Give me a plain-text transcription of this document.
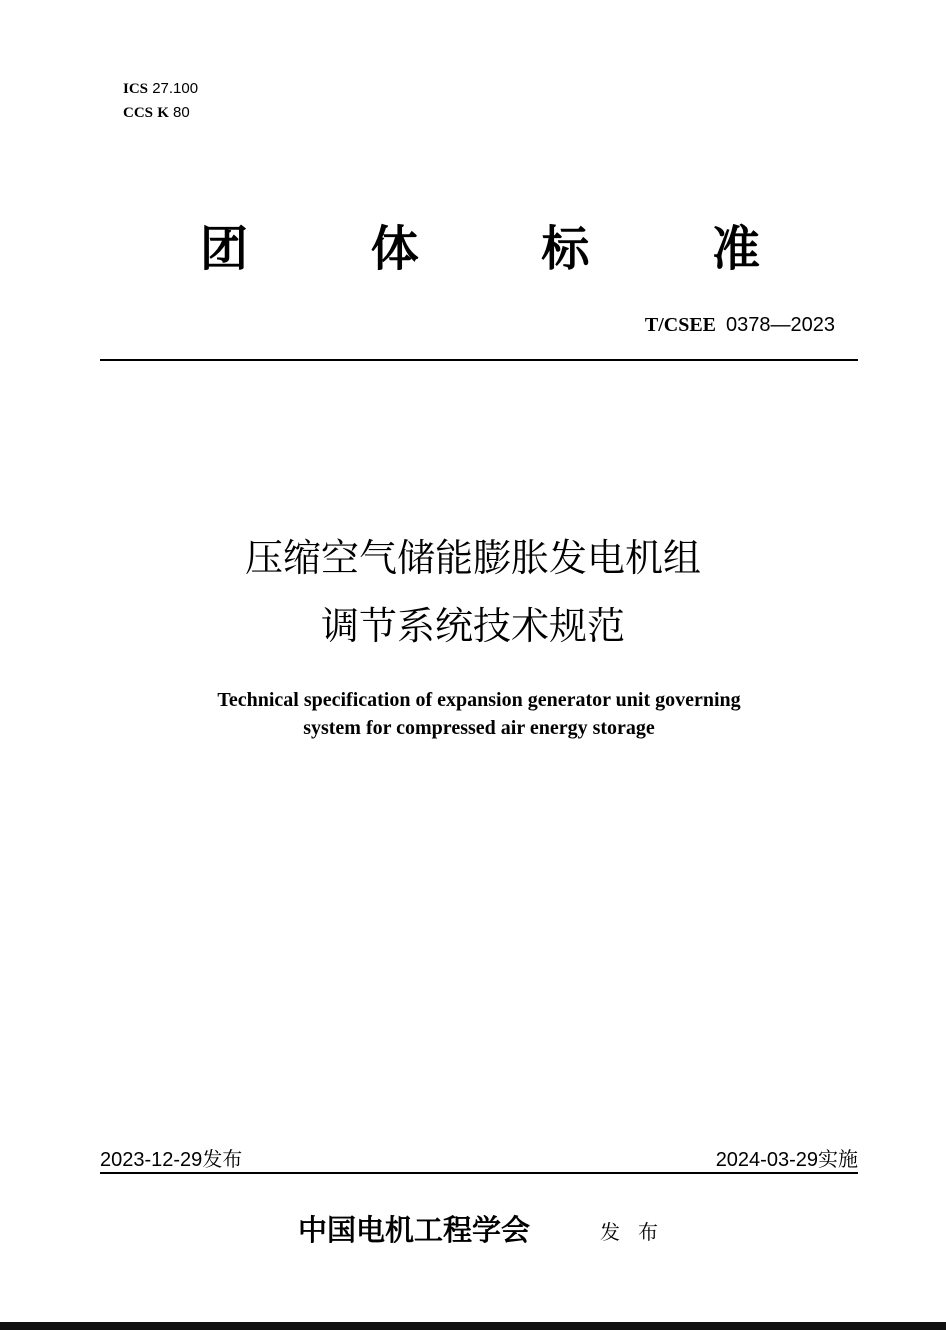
ICS 27.100
CCS K 80
团	体	标	准
T/CSEE 0378—2023
压缩空气储能膨胀发电机组
调节系统技术规范
Technical specification of expansion generator unit governing
system for compressed air energy storage
2023-12-29发布	2024-03-29实施
中国电机工程学会	发布
